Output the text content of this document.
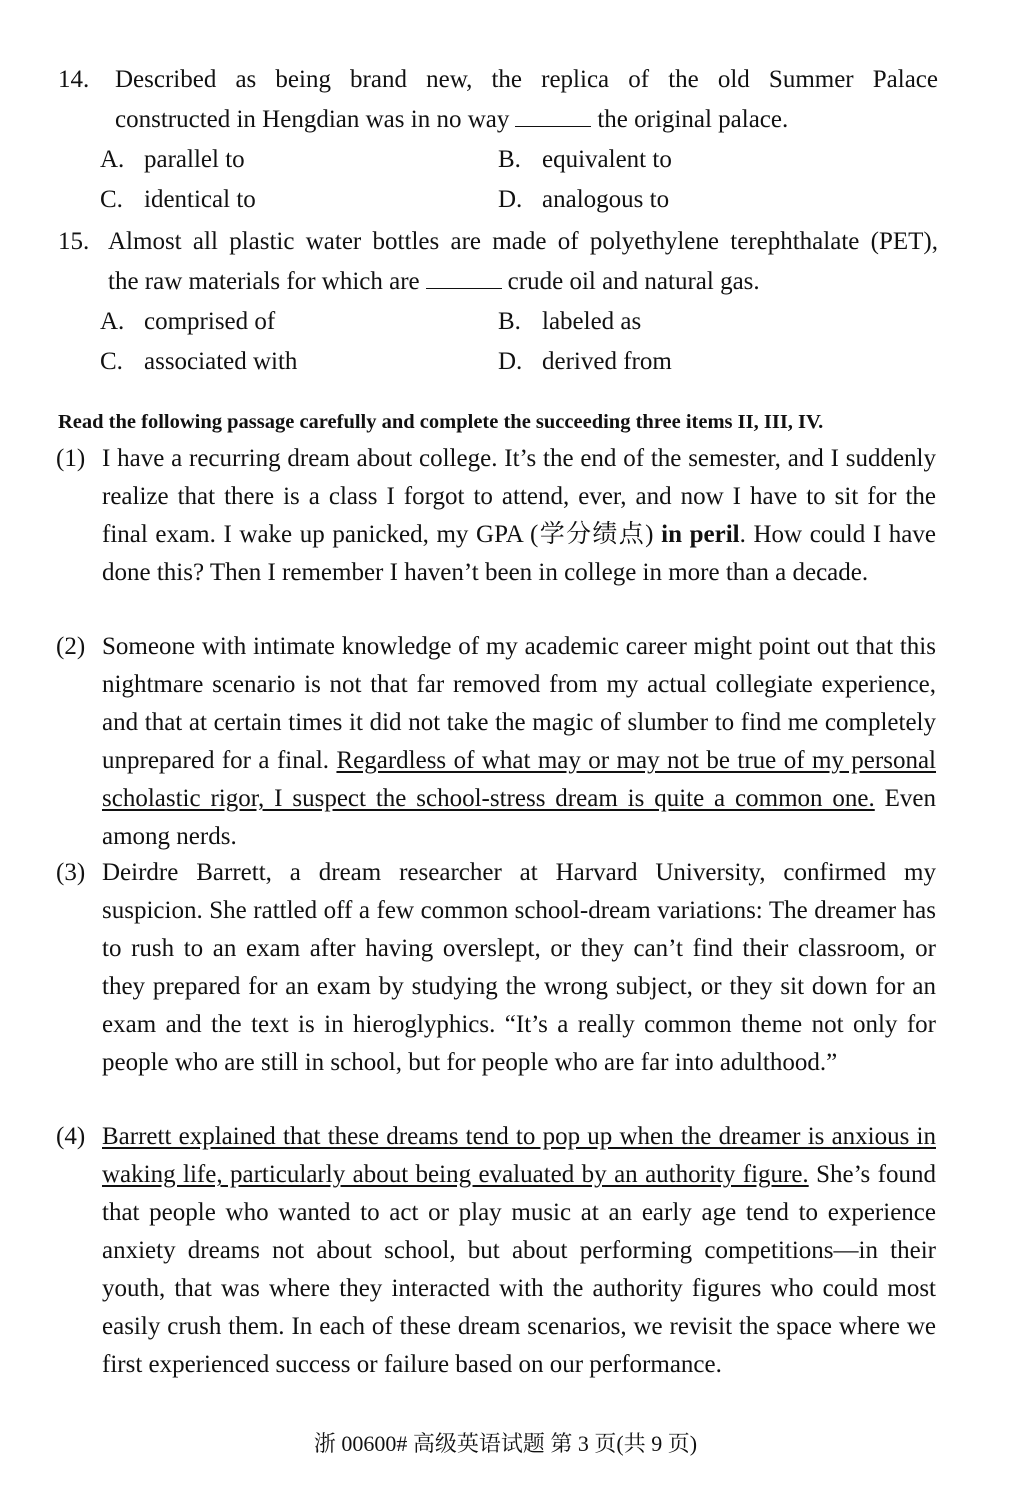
14. Described as being brand new, the replica of the old Summer Palace
constructed in Hengdian was in no way	the original palace.
A. parallel to	B. equivalent to
C. identical to	D. analogous to
15. Almost all plastic water bottles are made of polyethylene terephthalate (PET),
the raw materials for which are	crude oil and natural gas.
A. comprised of	B. labeled as
C. associated with	D. derived from
Read the following passage carefully and complete the succeeding three items II, III, IV.
(1) I have a recurring dream about college. It’s the end of the semester, and I suddenly realize that there is a class I forgot to attend, ever, and now I have to sit for the final exam. I wake up panicked, my GPA (学分绩点) in peril. How could I have done this? Then I remember I haven’t been in college in more than a decade.
(2) Someone with intimate knowledge of my academic career might point out that this nightmare scenario is not that far removed from my actual collegiate experience, and that at certain times it did not take the magic of slumber to find me completely unprepared for a final. Regardless of what may or may not be true of my personal scholastic rigor, I suspect the school-stress dream is quite a common one. Even among nerds.
(3) Deirdre Barrett, a dream researcher at Harvard University, confirmed my suspicion. She rattled off a few common school-dream variations: The dreamer has to rush to an exam after having overslept, or they can’t find their classroom, or they prepared for an exam by studying the wrong subject, or they sit down for an exam and the text is in hieroglyphics. “It’s a really common theme not only for people who are still in school, but for people who are far into adulthood.”
(4) Barrett explained that these dreams tend to pop up when the dreamer is anxious in waking life, particularly about being evaluated by an authority figure. She’s found that people who wanted to act or play music at an early age tend to experience anxiety dreams not about school, but about performing competitions—in their youth, that was where they interacted with the authority figures who could most easily crush them. In each of these dream scenarios, we revisit the space where we first experienced success or failure based on our performance.
浙 00600# 高级英语试题 第 3 页(共 9 页)
